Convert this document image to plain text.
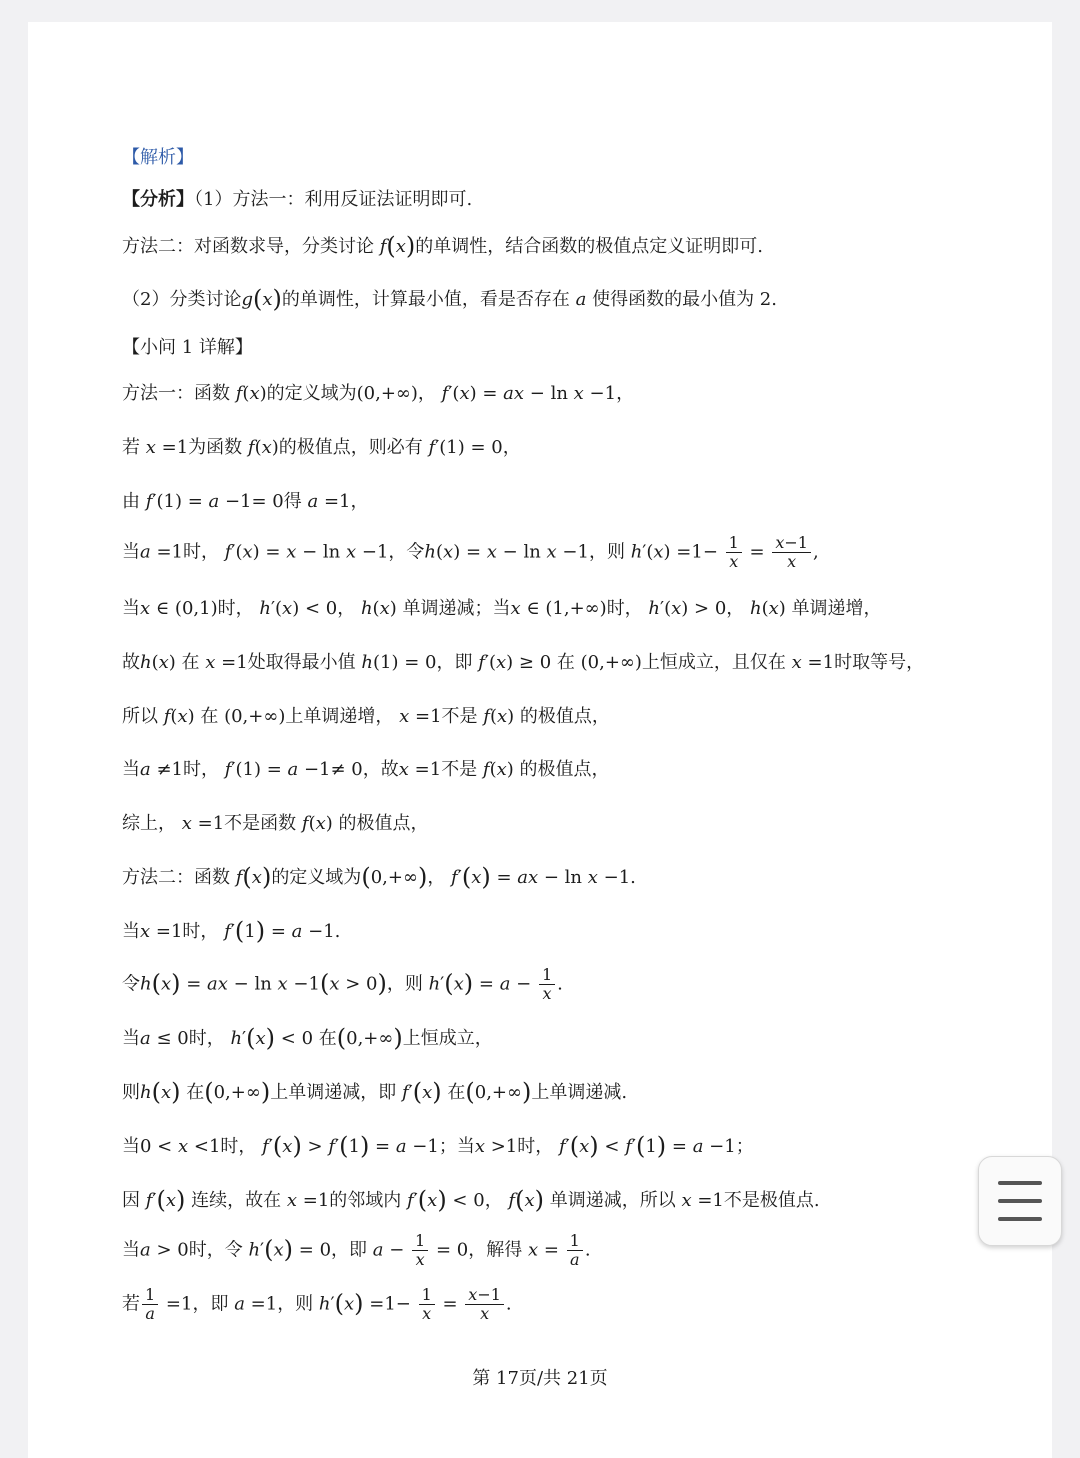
【解析】
【分析】（1）方法一：利用反证法证明即可.
方法二：对函数求导，分类讨论 f(x)的单调性，结合函数的极值点定义证明即可.
（2）分类讨论g(x)的单调性，计算最小值，看是否存在 a 使得函数的最小值为 2.
【小问 1 详解】
方法一：函数 f(x)的定义域为(0,+∞)， f′(x) = ax − ln x −1，
若 x =1为函数 f(x)的极值点，则必有 f′(1) = 0，
由 f′(1) = a −1= 0得 a =1，
当a =1时， f′(x) = x − ln x −1，令h(x) = x − ln x −1，则 $h'(x) =1- \frac{1}{x} = \frac{x-1}{x}$ ,
当x ∈ (0,1)时， h′(x) < 0， h(x) 单调递减；当x ∈ (1,+∞)时， h′(x) > 0， h(x) 单调递增，
故h(x) 在 x =1处取得最小值 h(1) = 0，即 f′(x) ≥ 0 在 (0,+∞)上恒成立，且仅在 x =1时取等号，
所以 f(x) 在 (0,+∞)上单调递增， x =1不是 f(x) 的极值点，
当a ≠1时， f′(1) = a −1≠ 0，故x =1不是 f(x) 的极值点，
综上， x =1不是函数 f(x) 的极值点，
方法二：函数 f(x)的定义域为(0,+∞)， f′(x) = ax − ln x −1.
当x =1时， f′(1) = a −1.
令h(x) = ax − ln x −1(x > 0)，则 $h'(x) = a - \frac{1}{x}$ .
当a ≤ 0时， h′(x) < 0 在(0,+∞)上恒成立，
则h(x) 在(0,+∞)上单调递减，即 f′(x) 在(0,+∞)上单调递减.
当0 < x <1时， f′(x) > f′(1) = a −1；当x >1时， f′(x) < f′(1) = a −1；
因 f′(x) 连续，故在 x =1的邻域内 f′(x) < 0， f(x) 单调递减，所以 x =1不是极值点.
当a > 0时，令 h′(x) = 0，即 $a - \frac{1}{x} = 0$，解得 $x = \frac{1}{a}$ .
若 $\frac{1}{a} =1$，即 a =1，则 $h'(x) =1- \frac{1}{x} = \frac{x-1}{x}$ .
第 17页/共 21页
